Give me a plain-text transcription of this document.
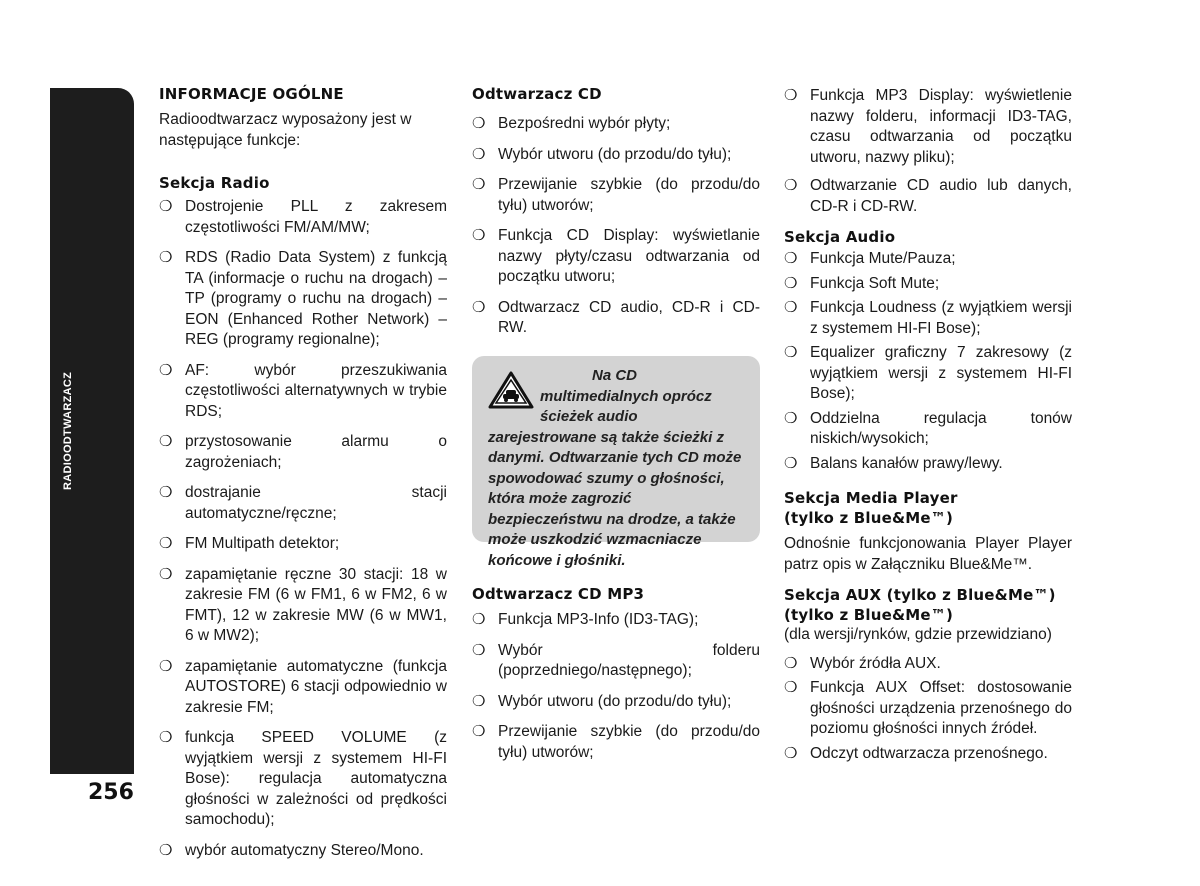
RADIOODTWARZACZ
256
INFORMACJE OGÓLNE

Radioodtwarzacz wyposażony jest w następujące funkcje:

Sekcja Radio
❍ Dostrojenie PLL z zakresem częstotliwości FM/AM/MW;
❍ RDS (Radio Data System) z funkcją TA (informacje o ruchu na drogach) – TP (programy o ruchu na drogach) – EON (Enhanced Rother Network) – REG (programy regionalne);
❍ AF: wybór przeszukiwania częstotliwości alternatywnych w trybie RDS;
❍ przystosowanie alarmu o zagrożeniach;
❍ dostrajanie stacji automatyczne/ręczne;
❍ FM Multipath detektor;
❍ zapamiętanie ręczne 30 stacji: 18 w zakresie FM (6 w FM1, 6 w FM2, 6 w FMT), 12 w zakresie MW (6 w MW1, 6 w MW2);
❍ zapamiętanie automatyczne (funkcja AUTOSTORE) 6 stacji odpowiednio w zakresie FM;
❍ funkcja SPEED VOLUME (z wyjątkiem wersji z systemem HI-FI Bose): regulacja automatyczna głośności w zależności od prędkości samochodu);
❍ wybór automatyczny Stereo/Mono.
Odtwarzacz CD
❍ Bezpośredni wybór płyty;
❍ Wybór utworu (do przodu/do tyłu);
❍ Przewijanie szybkie (do przodu/do tyłu) utworów;
❍ Funkcja CD Display: wyświetlanie nazwy płyty/czasu odtwarzania od początku utworu;
❍ Odtwarzacz CD audio, CD-R i CD-RW.
Na CD multimedialnych oprócz ścieżek audio zarejestrowane są także ścieżki z danymi. Odtwarzanie tych CD może spowodować szumy o głośności, która może zagrozić bezpieczeństwu na drodze, a także może uszkodzić wzmacniacze końcowe i głośniki.
Odtwarzacz CD MP3
❍ Funkcja MP3-Info (ID3-TAG);
❍ Wybór folderu (poprzedniego/następnego);
❍ Wybór utworu (do przodu/do tyłu);
❍ Przewijanie szybkie (do przodu/do tyłu) utworów;
❍ Funkcja MP3 Display: wyświetlenie nazwy folderu, informacji ID3-TAG, czasu odtwarzania od początku utworu, nazwy pliku);
❍ Odtwarzanie CD audio lub danych, CD-R i CD-RW.
Sekcja Audio
❍ Funkcja Mute/Pauza;
❍ Funkcja Soft Mute;
❍ Funkcja Loudness (z wyjątkiem wersji z systemem HI-FI Bose);
❍ Equalizer graficzny 7 zakresowy (z wyjątkiem wersji z systemem HI-FI Bose);
❍ Oddzielna regulacja tonów niskich/wysokich;
❍ Balans kanałów prawy/lewy.
Sekcja Media Player
(tylko z Blue&Me™)

Odnośnie funkcjonowania Player Player patrz opis w Załączniku Blue&Me™.

Sekcja AUX (tylko z Blue&Me™)
(tylko z Blue&Me™)

(dla wersji/rynków, gdzie przewidziano)

❍ Wybór źródła AUX.
❍ Funkcja AUX Offset: dostosowanie głośności urządzenia przenośnego do poziomu głośności innych źródeł.
❍ Odczyt odtwarzacza przenośnego.
